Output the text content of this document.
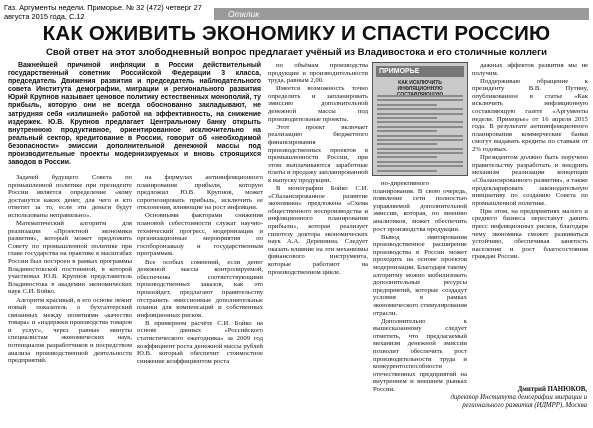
Газ. Аргументы недели. Приморье. № 32 (472) четверг 27 августа 2015 года, С.12	Отклик
КАК ОЖИВИТЬ ЭКОНОМИКУ И СПАСТИ РОССИЮ
Свой ответ на этот злободневный вопрос предлагает учёный из Владивостока и его столичные коллеги
Важнейшей причиной инфляции в России действительный государственный советник Российской Федерации 3 класса, председатель Движения развития и председатель наблюдательного совета Института демографии, миграции и регионального развития Юрий Крупнов называет ценовое политику естественных монополий, ту прибыль, которую они не всегда обоснованно закладывают, не затрудняя себя «излишней» работой на эффективность, на снижение издержек. Ю.В. Крупнов предлагает Центральному банку открыть внутреннюю продуктивное, ориентированное исключительно на реальный сектор, кредитование в России, говорит об «необходимой безопасности» эмиссии дополнительной денежной массы под производительные проекты модернизируемых и вновь строящихся заводов в России.

Задачей будущего Совета по промышленной политике при президенте России является определение «кому достанутся каких денег, для чего и кто ответит за то, если эти деньги будут использованы неправильно».

Математический алгоритм для реализации «Проектной экономики развития», который может предложить Совету по промышленной политике при главе государства на практике в масштабах России был построен в рамках программы Владивостокской постоянной, в которой участвовал Ю.В. Крупнов представитель Владивостока в академии экономических наук С.И. Бойко.

Алгоритм красивый, в его основе лежит новый показатель о бухгалтерский связанных между понятиями «качество товара» и «издержки производства товаров и услуг», через равные минуты специалистам экономических наук, потенциалов разработчиков и посредством анализа производственной деятельности предприятий.

на формулах антиинфляционного планирования прибыли, которую предложил Ю.В. Крупнов, может спрогнозировать прибыль, исключить ее отклонения, влияющие на рост инфляции.

Основными факторами снижения плановой себестоимости служат научно-технический прогресс, модернизация и организационные мероприятия по гособоронзаказу и государственным программам.

Все особых сомнений, если денег денежной массы контролируемой, обеспечены соответствующими производственных заказов, как это произойдет, предлагают правительству отстранить эмиссионные дополнительные планки для компенсаций и собственных инфляционных рисков.

В примерном расчёте С.И. Бойко на основе данных «Российского статистического ежегодника» за 2009 год коэффициент роста денежной массы рублей Ю.В. который обеспечит стоимостное снижение коэффициентом роста

по объёмам производства продукции и производительности труда, равным 2,00.

Имеется возможность точно определить и запланировать эмиссию дополнительной денежной массы под производительные проекты.

Этот проект включает реализацию бюджетного финансирования производственных проектов в промышленности России, при этом выплачиваются заработные платы и продажу запланированной к выпуску продукции.

В монографии Бойко С.И. «Сбалансированное развитие экономики» предложена «Схема общественного воспроизводства и инфляционного планирования прибыли», которая реализует гипотезу доктора экономических наук А.А. Деревнина. Следует оказать влияние на эти механизмы финансового инструмента, которые работают на производственном цикле.

ПРИМОРЬЕ
КАК ИСКЛЮЧИТЬ ИНФЛЯЦИОННУЮ

но-директивного планирования. В свою очередь, появление сети полностью управляемой дополнительной эмиссии, которая, по мнению аналитиков, может обеспечить рост производства продукции.

Вывод эмитирования производственное расширение производства в России может проходить на основе проектов модернизации. Благодаря такому алгоритму можно мобилизовать дополнительные ресурсы предприятий, которые создадут условия в рамках экономического стимулирования отрасли.

Дополнительно к вышесказанному следует отметить, что предлагаемый механизм денежной эмиссии позволит обеспечить рост производительности труда и конкурентоспособности отечественных предприятий на внутреннем и внешнем рынках России.

дажных эффектов развития мы не получим.

Поддерживаю обращение к президенту В.В. Путину, опубликованное в статье «Как исключить инфляционную составляющую газете «Аргументы недели. Приморье» от 16 апреля 2015 года. В результате антиинфляционного планирования коммерческие банки смогут выдавать кредиты по ставкам от 2% годовых.

Президентом должно быть поручено правительству разработать и внедрить механизм реализации концепции «Сбалансированного развития», а также продекларировать законодательную инициативу по созданию Совета по промышленной политике.

При этом, на предприятиях малого и среднего бизнеса перестанут давить пресс инфляционных рисков, благодаря чему экономика сможет развиваться устойчиво, обеспечивая занятость населения и рост благосостояния граждан России.

Дмитрий ПАНЮКОВ,
директор Института демографии миграции и регионального развития (ИДМРР), Москва
